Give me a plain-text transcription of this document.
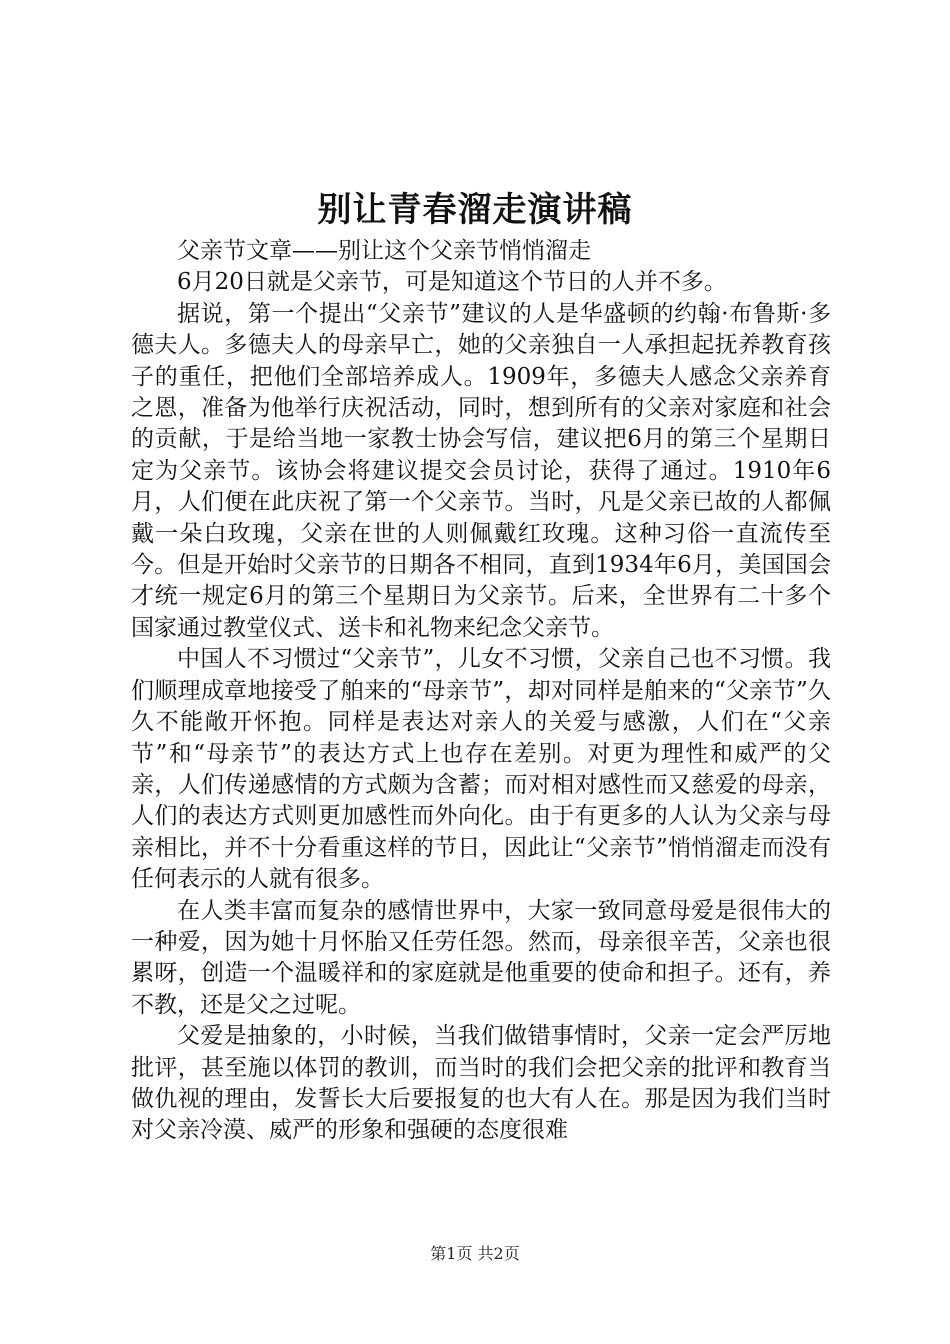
别让青春溜走演讲稿

父亲节文章——别让这个父亲节悄悄溜走

6月20日就是父亲节，可是知道这个节日的人并不多。

据说，第一个提出“父亲节”建议的人是华盛顿的约翰·布鲁斯·多德夫人。多德夫人的母亲早亡，她的父亲独自一人承担起抚养教育孩子的重任，把他们全部培养成人。1909年，多德夫人感念父亲养育之恩，准备为他举行庆祝活动，同时，想到所有的父亲对家庭和社会的贡献，于是给当地一家教士协会写信，建议把6月的第三个星期日定为父亲节。该协会将建议提交会员讨论，获得了通过。1910年6月，人们便在此庆祝了第一个父亲节。当时，凡是父亲已故的人都佩戴一朵白玫瑰，父亲在世的人则佩戴红玫瑰。这种习俗一直流传至今。但是开始时父亲节的日期各不相同，直到1934年6月，美国国会才统一规定6月的第三个星期日为父亲节。后来，全世界有二十多个国家通过教堂仪式、送卡和礼物来纪念父亲节。

中国人不习惯过“父亲节”，儿女不习惯，父亲自己也不习惯。我们顺理成章地接受了舶来的“母亲节”，却对同样是舶来的“父亲节”久久不能敞开怀抱。同样是表达对亲人的关爱与感激，人们在“父亲节”和“母亲节”的表达方式上也存在差别。对更为理性和威严的父亲，人们传递感情的方式颇为含蓄；而对相对感性而又慈爱的母亲，人们的表达方式则更加感性而外向化。由于有更多的人认为父亲与母亲相比，并不十分看重这样的节日，因此让“父亲节”悄悄溜走而没有任何表示的人就有很多。

在人类丰富而复杂的感情世界中，大家一致同意母爱是很伟大的一种爱，因为她十月怀胎又任劳任怨。然而，母亲很辛苦，父亲也很累呀，创造一个温暖祥和的家庭就是他重要的使命和担子。还有，养不教，还是父之过呢。

父爱是抽象的，小时候，当我们做错事情时，父亲一定会严厉地批评，甚至施以体罚的教训，而当时的我们会把父亲的批评和教育当做仇视的理由，发誓长大后要报复的也大有人在。那是因为我们当时对父亲冷漠、威严的形象和强硬的态度很难

第1页 共2页
